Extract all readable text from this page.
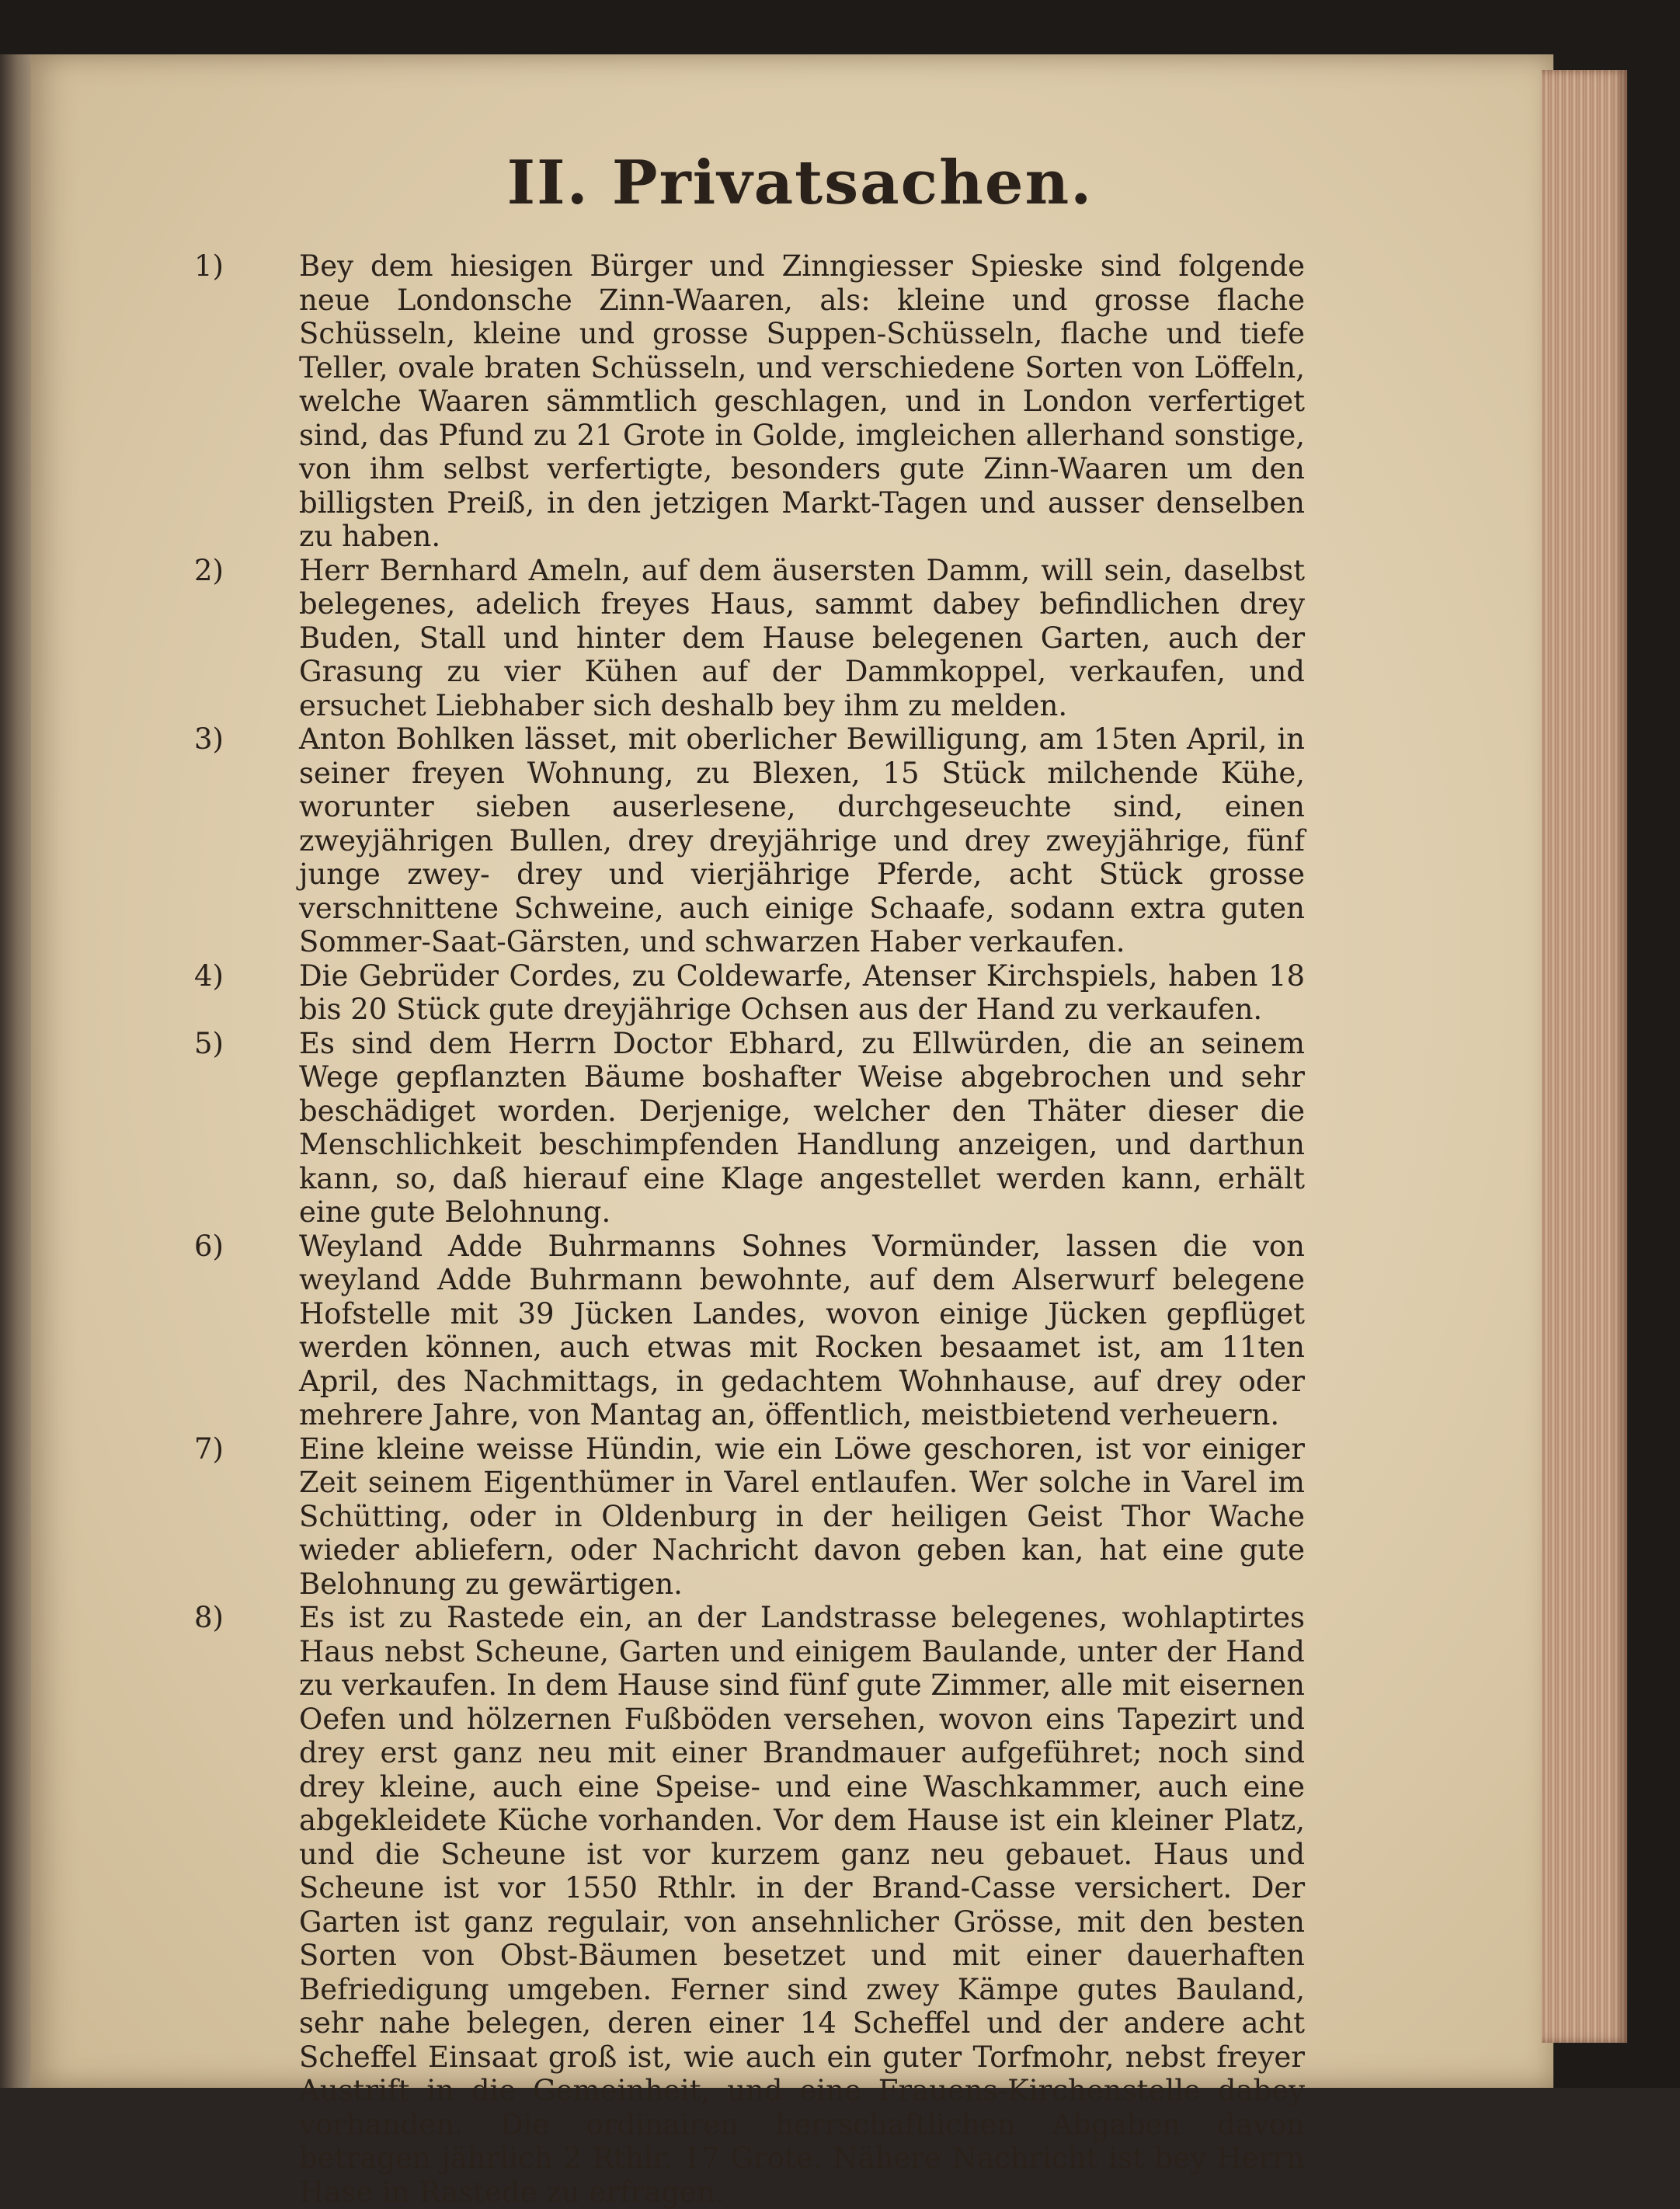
II. Privatsachen.
1)	Bey dem hiesigen Bürger und Zinngiesser Spieske sind folgende neue Londonsche Zinn-Waaren, als: kleine und grosse flache Schüsseln, kleine und grosse Suppen-Schüsseln, flache und tiefe Teller, ovale braten Schüsseln, und verschiedene Sorten von Löffeln, welche Waaren sämmtlich geschlagen, und in London verfertiget sind, das Pfund zu 21 Grote in Golde, imgleichen allerhand sonstige, von ihm selbst verfertigte, besonders gute Zinn-Waaren um den billigsten Preiß, in den jetzigen Markt-Tagen und ausser denselben zu haben.
2)	Herr Bernhard Ameln, auf dem äusersten Damm, will sein, daselbst belegenes, adelich freyes Haus, sammt dabey befindlichen drey Buden, Stall und hinter dem Hause belegenen Garten, auch der Grasung zu vier Kühen auf der Dammkoppel, verkaufen, und ersuchet Liebhaber sich deshalb bey ihm zu melden.
3)	Anton Bohlken lässet, mit oberlicher Bewilligung, am 15ten April, in seiner freyen Wohnung, zu Blexen, 15 Stück milchende Kühe, worunter sieben auserlesene, durchgeseuchte sind, einen zweyjährigen Bullen, drey dreyjährige und drey zweyjährige, fünf junge zwey- drey und vierjährige Pferde, acht Stück grosse verschnittene Schweine, auch einige Schaafe, sodann extra guten Sommer-Saat-Gärsten, und schwarzen Haber verkaufen.
4)	Die Gebrüder Cordes, zu Coldewarfe, Atenser Kirchspiels, haben 18 bis 20 Stück gute dreyjährige Ochsen aus der Hand zu verkaufen.
5)	Es sind dem Herrn Doctor Ebhard, zu Ellwürden, die an seinem Wege gepflanzten Bäume boshafter Weise abgebrochen und sehr beschädiget worden. Derjenige, welcher den Thäter dieser die Menschlichkeit beschimpfenden Handlung anzeigen, und darthun kann, so, daß hierauf eine Klage angestellet werden kann, erhält eine gute Belohnung.
6)	Weyland Adde Buhrmanns Sohnes Vormünder, lassen die von weyland Adde Buhrmann bewohnte, auf dem Alserwurf belegene Hofstelle mit 39 Jücken Landes, wovon einige Jücken gepflüget werden können, auch etwas mit Rocken besaamet ist, am 11ten April, des Nachmittags, in gedachtem Wohnhause, auf drey oder mehrere Jahre, von Mantag an, öffentlich, meistbietend verheuern.
7)	Eine kleine weisse Hündin, wie ein Löwe geschoren, ist vor einiger Zeit seinem Eigenthümer in Varel entlaufen. Wer solche in Varel im Schütting, oder in Oldenburg in der heiligen Geist Thor Wache wieder abliefern, oder Nachricht davon geben kan, hat eine gute Belohnung zu gewärtigen.
8)	Es ist zu Rastede ein, an der Landstrasse belegenes, wohlaptirtes Haus nebst Scheune, Garten und einigem Baulande, unter der Hand zu verkaufen. In dem Hause sind fünf gute Zimmer, alle mit eisernen Oefen und hölzernen Fußböden versehen, wovon eins Tapezirt und drey erst ganz neu mit einer Brandmauer aufgeführet; noch sind drey kleine, auch eine Speise- und eine Waschkammer, auch eine abgekleidete Küche vorhanden. Vor dem Hause ist ein kleiner Platz, und die Scheune ist vor kurzem ganz neu gebauet. Haus und Scheune ist vor 1550 Rthlr. in der Brand-Casse versichert. Der Garten ist ganz regulair, von ansehnlicher Grösse, mit den besten Sorten von Obst-Bäumen besetzet und mit einer dauerhaften Befriedigung umgeben. Ferner sind zwey Kämpe gutes Bauland, sehr nahe belegen, deren einer 14 Scheffel und der andere acht Scheffel Einsaat groß ist, wie auch ein guter Torfmohr, nebst freyer Austrift in die Gemeinheit, und eine Frauens-Kirchenstelle dabey vorhanden. Die ordinairen herrschaftlichen Abgaben davon betragen jährlich 2 Rthlr. 17 Grote. Nähere Nachricht ist bey Herrn Hase in Rastede zu erfragen.
